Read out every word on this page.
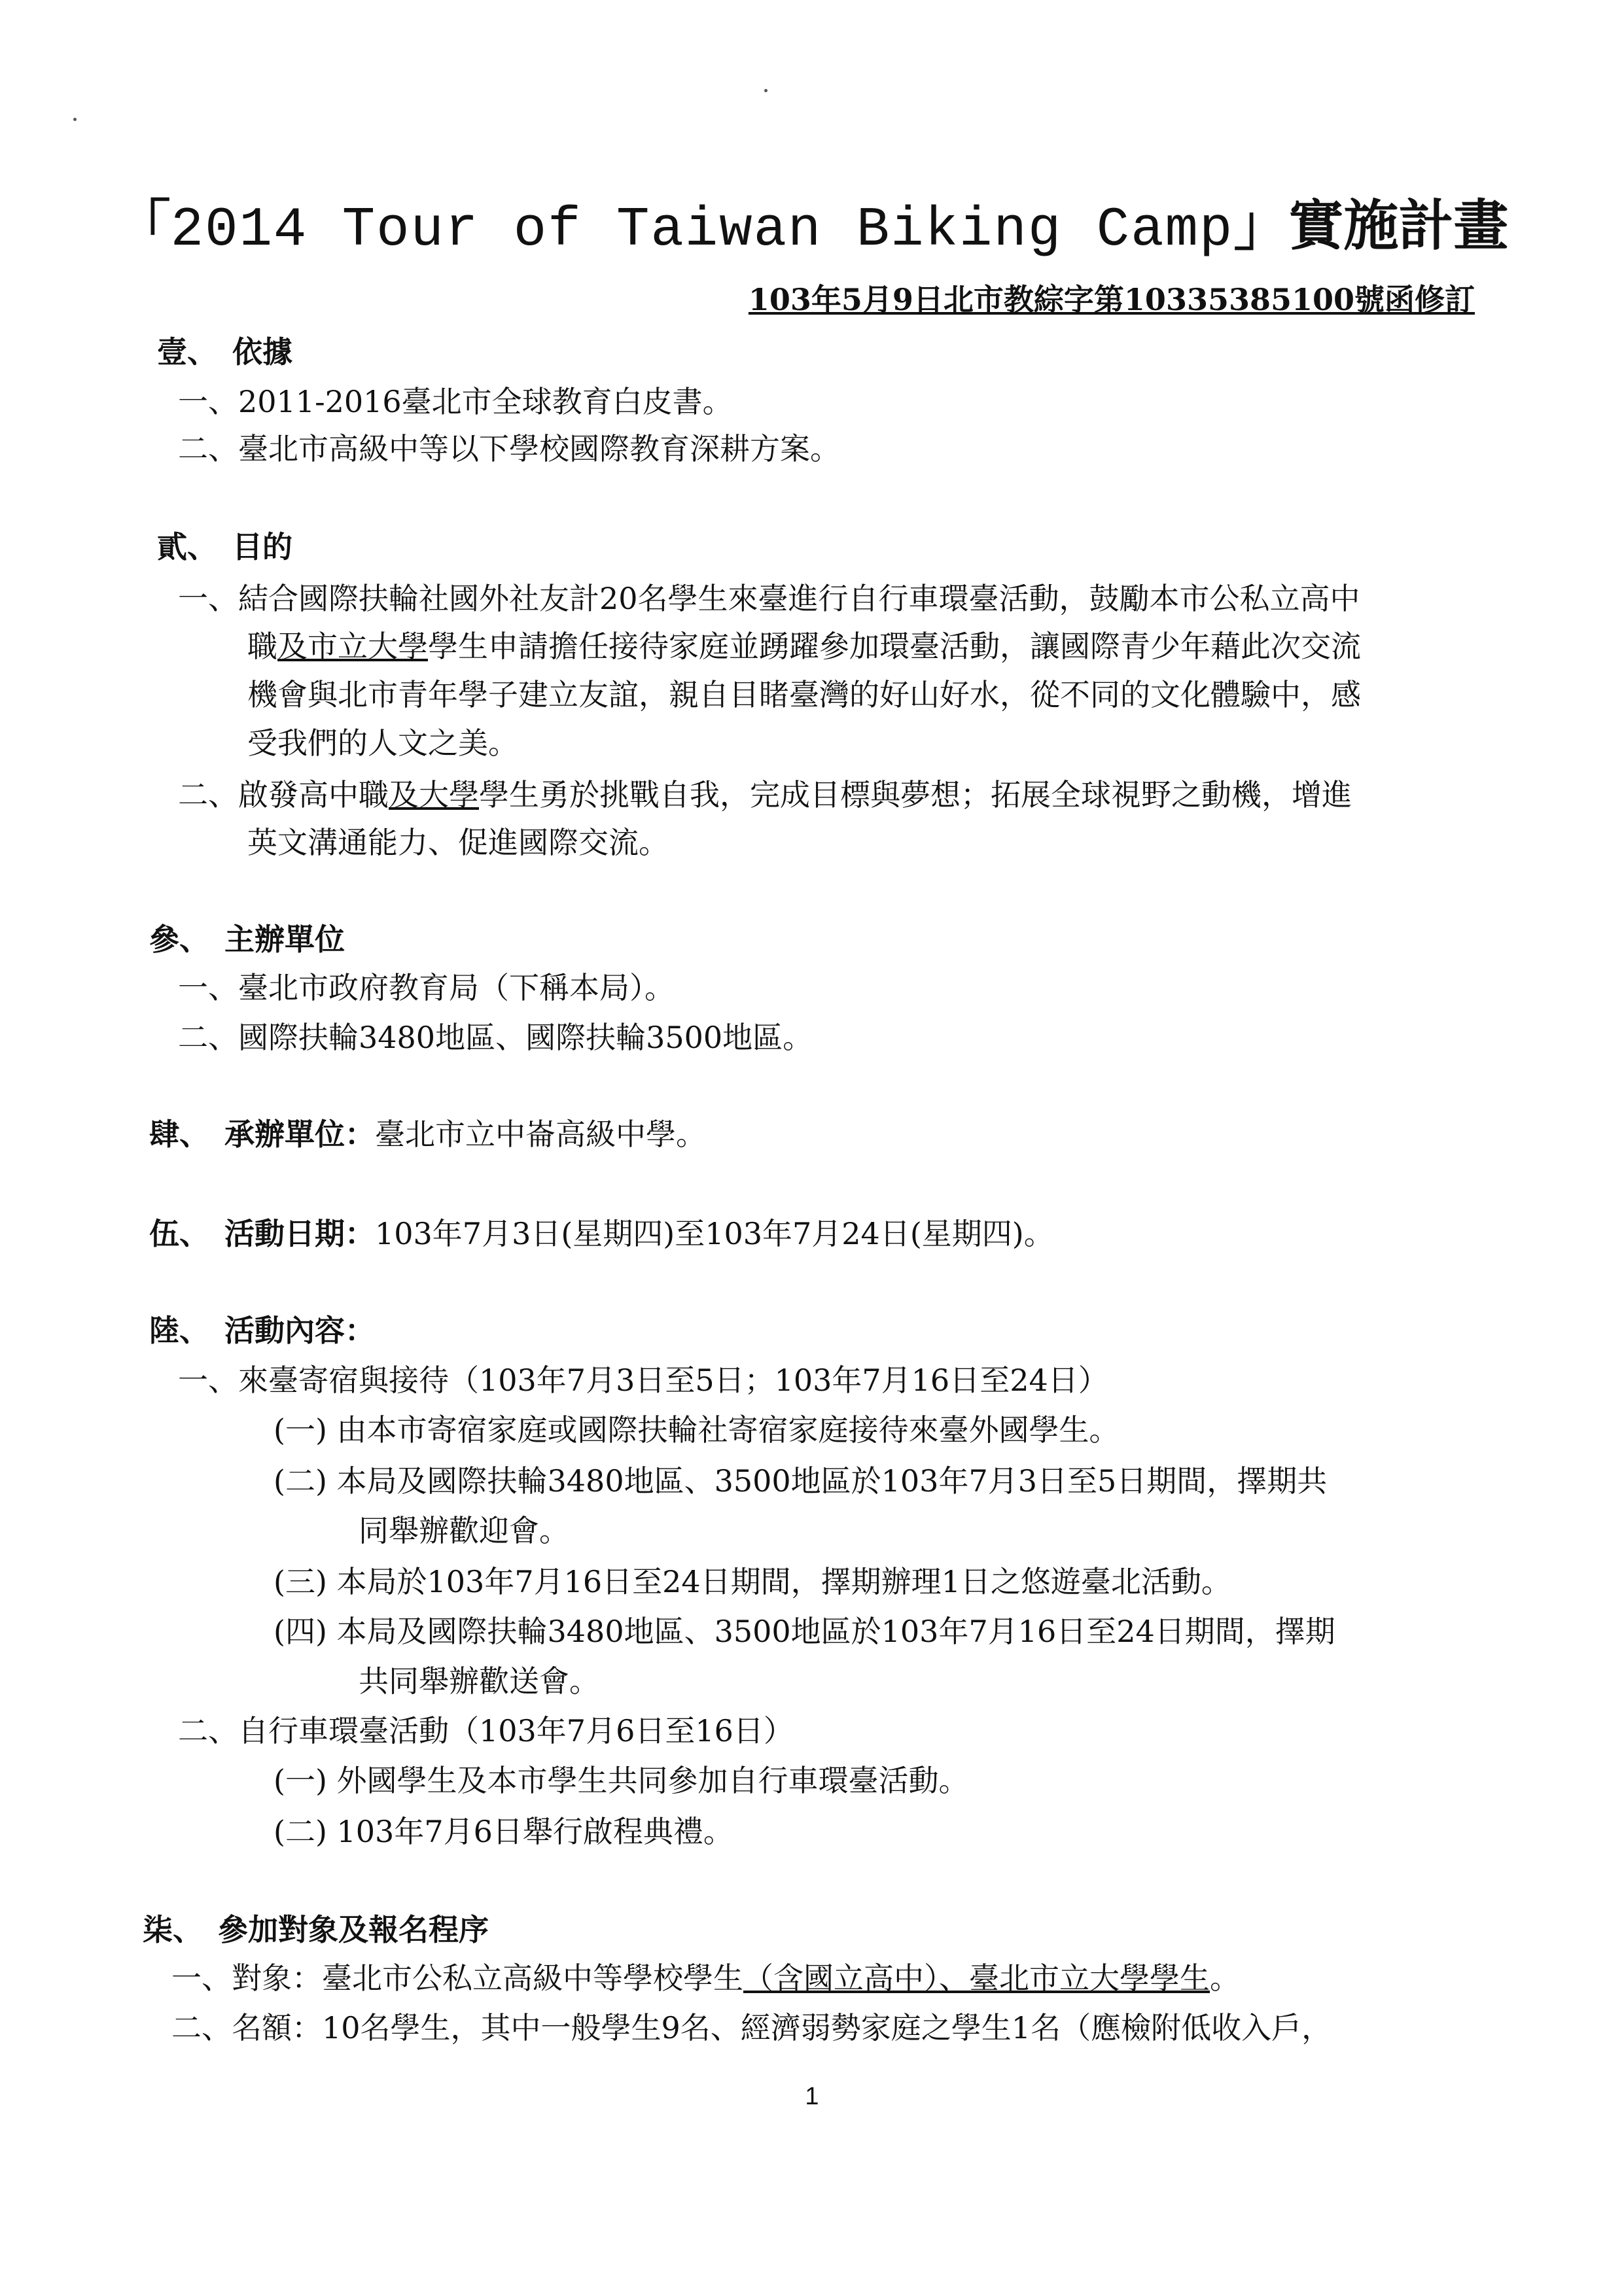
「2014 Tour of Taiwan Biking Camp」實施計畫
103年5月9日北市教綜字第10335385100號函修訂
壹、 依據
一、2011-2016臺北市全球教育白皮書。
二、臺北市高級中等以下學校國際教育深耕方案。
貳、 目的
一、結合國際扶輪社國外社友計20名學生來臺進行自行車環臺活動，鼓勵本市公私立高中
職及市立大學學生申請擔任接待家庭並踴躍參加環臺活動，讓國際青少年藉此次交流
機會與北市青年學子建立友誼，親自目睹臺灣的好山好水，從不同的文化體驗中，感
受我們的人文之美。
二、啟發高中職及大學學生勇於挑戰自我，完成目標與夢想；拓展全球視野之動機，增進
英文溝通能力、促進國際交流。
參、 主辦單位
一、臺北市政府教育局（下稱本局）。
二、國際扶輪3480地區、國際扶輪3500地區。
肆、 承辦單位：臺北市立中崙高級中學。
伍、 活動日期：103年7月3日(星期四)至103年7月24日(星期四)。
陸、 活動內容：
一、來臺寄宿與接待（103年7月3日至5日；103年7月16日至24日）
(一) 由本市寄宿家庭或國際扶輪社寄宿家庭接待來臺外國學生。
(二) 本局及國際扶輪3480地區、3500地區於103年7月3日至5日期間，擇期共
同舉辦歡迎會。
(三) 本局於103年7月16日至24日期間，擇期辦理1日之悠遊臺北活動。
(四) 本局及國際扶輪3480地區、3500地區於103年7月16日至24日期間，擇期
共同舉辦歡送會。
二、自行車環臺活動（103年7月6日至16日）
(一) 外國學生及本市學生共同參加自行車環臺活動。
(二) 103年7月6日舉行啟程典禮。
柒、 參加對象及報名程序
一、對象：臺北市公私立高級中等學校學生（含國立高中）、臺北市立大學學生。
二、名額：10名學生，其中一般學生9名、經濟弱勢家庭之學生1名（應檢附低收入戶，
1
